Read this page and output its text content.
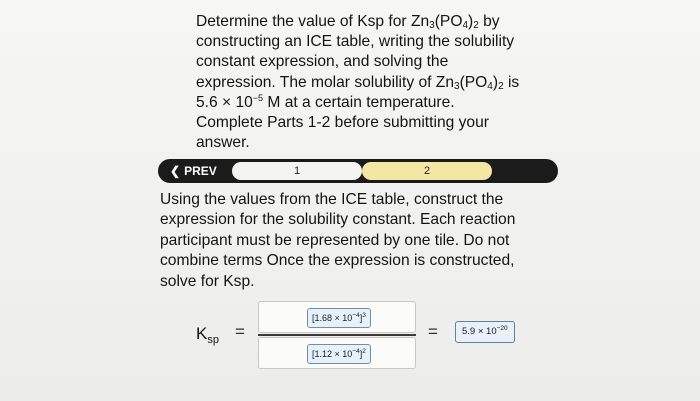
Determine the value of Ksp for $Zn_3(PO_4)_2$ by

constructing an ICE table, writing the solubility

constant expression, and solving the

expression. The molar solubility of $Zn_3(PO_4)_2$ is

$5.6 \times 10^{-5}$ M at a certain temperature.

Complete Parts 1-2 before submitting your

answer.

❮ PREV	1	2

Using the values from the ICE table, construct the

expression for the solubility constant. Each reaction

participant must be represented by one tile. Do not

combine terms Once the expression is constructed,

solve for Ksp.

$K_{sp}$ =
$[1.68 \times 10^{-4}]^3$
$[1.12 \times 10^{-4}]^2$
=	$5.9 \times 10^{-20}$
